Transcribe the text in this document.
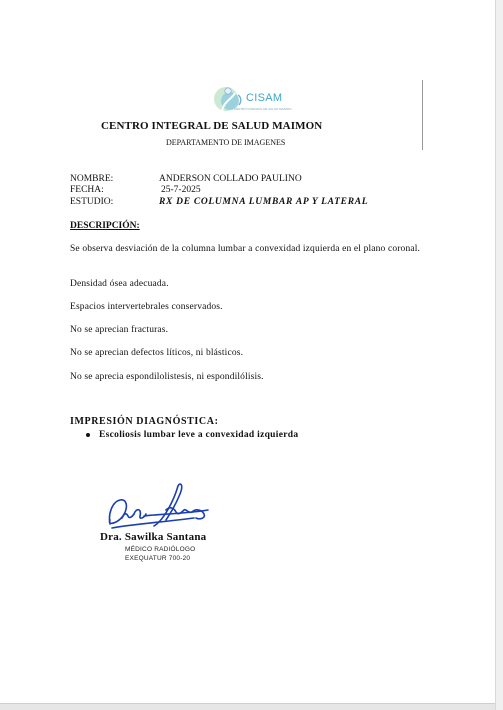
CISAM
CENTRO INTEGRAL DE SALUD MAIMON
CENTRO INTEGRAL DE SALUD MAIMON
DEPARTAMENTO DE IMAGENES
NOMBRE:	ANDERSON COLLADO PAULINO
FECHA:	25-7-2025
ESTUDIO:	RX DE COLUMNA LUMBAR AP Y LATERAL
DESCRIPCIÓN:
Se observa desviación de la columna lumbar a convexidad izquierda en el plano coronal.
Densidad ósea adecuada.
Espacios intervertebrales conservados.
No se aprecian fracturas.
No se aprecian defectos líticos, ni blásticos.
No se aprecia espondilolistesis, ni espondilólisis.
IMPRESIÓN DIAGNÓSTICA:
Escoliosis lumbar leve a convexidad izquierda
Dra. Sawilka Santana
MÉDICO RADIÓLOGO
EXEQUATUR 700-20
